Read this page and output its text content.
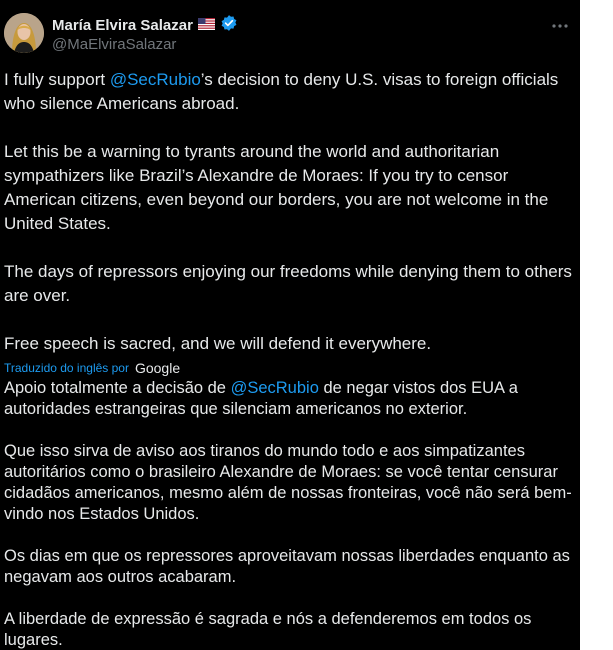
María Elvira Salazar
@MaElviraSalazar

I fully support @SecRubio’s decision to deny U.S. visas to foreign officials who silence Americans abroad.

Let this be a warning to tyrants around the world and authoritarian sympathizers like Brazil’s Alexandre de Moraes: If you try to censor American citizens, even beyond our borders, you are not welcome in the United States.

The days of repressors enjoying our freedoms while denying them to others are over.

Free speech is sacred, and we will defend it everywhere.

Traduzido do inglês por Google

Apoio totalmente a decisão de @SecRubio de negar vistos dos EUA a autoridades estrangeiras que silenciam americanos no exterior.

Que isso sirva de aviso aos tiranos do mundo todo e aos simpatizantes autoritários como o brasileiro Alexandre de Moraes: se você tentar censurar cidadãos americanos, mesmo além de nossas fronteiras, você não será bem-vindo nos Estados Unidos.

Os dias em que os repressores aproveitavam nossas liberdades enquanto as negavam aos outros acabaram.

A liberdade de expressão é sagrada e nós a defenderemos em todos os lugares.
